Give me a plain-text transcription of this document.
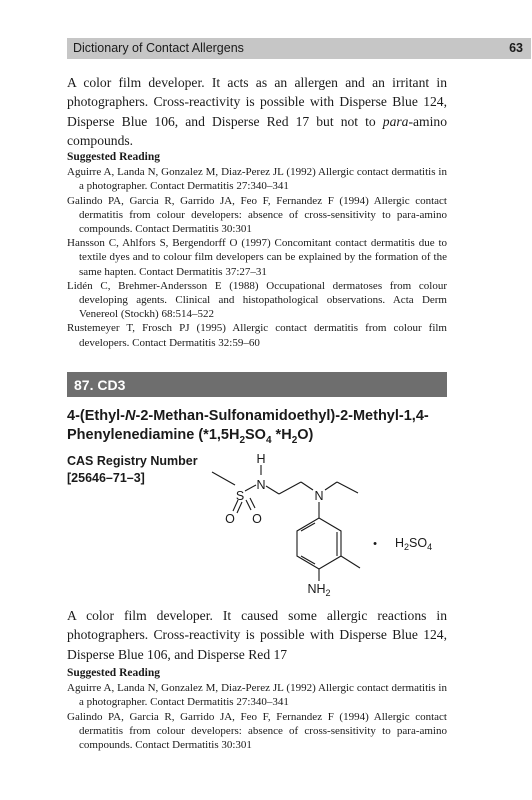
Dictionary of Contact Allergens	63

A color film developer. It acts as an allergen and an irritant in photographers. Cross-reactivity is possible with Disperse Blue 124, Disperse Blue 106, and Disperse Red 17 but not to para-amino compounds.

Suggested Reading

Aguirre A, Landa N, Gonzalez M, Diaz-Perez JL (1992) Allergic contact dermatitis in a photographer. Contact Dermatitis 27:340–341

Galindo PA, Garcia R, Garrido JA, Feo F, Fernandez F (1994) Allergic contact dermatitis from colour developers: absence of cross-sensitivity to para-amino compounds. Contact Dermatitis 30:301

Hansson C, Ahlfors S, Bergendorff O (1997) Concomitant contact dermatitis due to textile dyes and to colour film developers can be explained by the formation of the same hapten. Contact Dermatitis 37:27–31

Lidén C, Brehmer-Andersson E (1988) Occupational dermatoses from colour developing agents. Clinical and histopathological observations. Acta Derm Venereol (Stockh) 68:514–522

Rustemeyer T, Frosch PJ (1995) Allergic contact dermatitis from colour film developers. Contact Dermatitis 32:59–60

87. CD3
4-(Ethyl-N-2-Methan-Sulfonamidoethyl)-2-Methyl-1,4-Phenylenediamine ($*1,5H_2SO_4$ $*H_2O$)
CAS Registry Number
[25646–71–3]
H
N
S
O O
N
$NH_2$
• $H_2SO_4$

A color film developer. It caused some allergic reactions in photographers. Cross-reactivity is possible with Disperse Blue 124, Disperse Blue 106, and Disperse Red 17

Suggested Reading

Aguirre A, Landa N, Gonzalez M, Diaz-Perez JL (1992) Allergic contact dermatitis in a photographer. Contact Dermatitis 27:340–341

Galindo PA, Garcia R, Garrido JA, Feo F, Fernandez F (1994) Allergic contact dermatitis from colour developers: absence of cross-sensitivity to para-amino compounds. Contact Dermatitis 30:301
